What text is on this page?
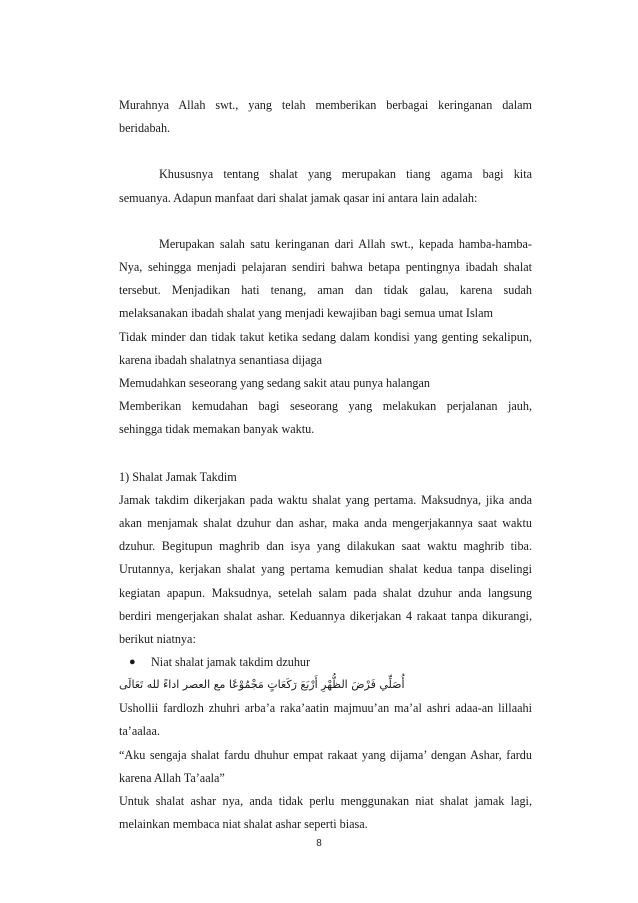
Murahnya Allah swt., yang telah memberikan berbagai keringanan dalam

beridabah.

Khususnya tentang shalat yang merupakan tiang agama bagi kita

semuanya. Adapun manfaat dari shalat jamak qasar ini antara lain adalah:

Merupakan salah satu keringanan dari Allah swt., kepada hamba-hamba-

Nya, sehingga menjadi pelajaran sendiri bahwa betapa pentingnya ibadah shalat

tersebut. Menjadikan hati tenang, aman dan tidak galau, karena sudah

melaksanakan ibadah shalat yang menjadi kewajiban bagi semua umat Islam

Tidak minder dan tidak takut ketika sedang dalam kondisi yang genting sekalipun,

karena ibadah shalatnya senantiasa dijaga

Memudahkan seseorang yang sedang sakit atau punya halangan

Memberikan kemudahan bagi seseorang yang melakukan perjalanan jauh,

sehingga tidak memakan banyak waktu.

1) Shalat Jamak Takdim

Jamak takdim dikerjakan pada waktu shalat yang pertama. Maksudnya, jika anda

akan menjamak shalat dzuhur dan ashar, maka anda mengerjakannya saat waktu

dzuhur. Begitupun maghrib dan isya yang dilakukan saat waktu maghrib tiba.

Urutannya, kerjakan shalat yang pertama kemudian shalat kedua tanpa diselingi

kegiatan apapun. Maksudnya, setelah salam pada shalat dzuhur anda langsung

berdiri mengerjakan shalat ashar. Keduannya dikerjakan 4 rakaat tanpa dikurangi,

berikut niatnya:

●	Niat shalat jamak takdim dzuhur

أُصَلِّي فَرْضَ الظُّهْرِ أَرْبَعَ رَكَعَاتٍ مَجْمُوْعًا مع العصر اداءً لله تَعَالَى

Ushollii fardlozh zhuhri arba’a raka’aatin majmuu’an ma’al ashri adaa-an lillaahi

ta’aalaa.

“Aku sengaja shalat fardu dhuhur empat rakaat yang dijama’ dengan Ashar, fardu

karena Allah Ta’aala”

Untuk shalat ashar nya, anda tidak perlu menggunakan niat shalat jamak lagi,

melainkan membaca niat shalat ashar seperti biasa.

8
